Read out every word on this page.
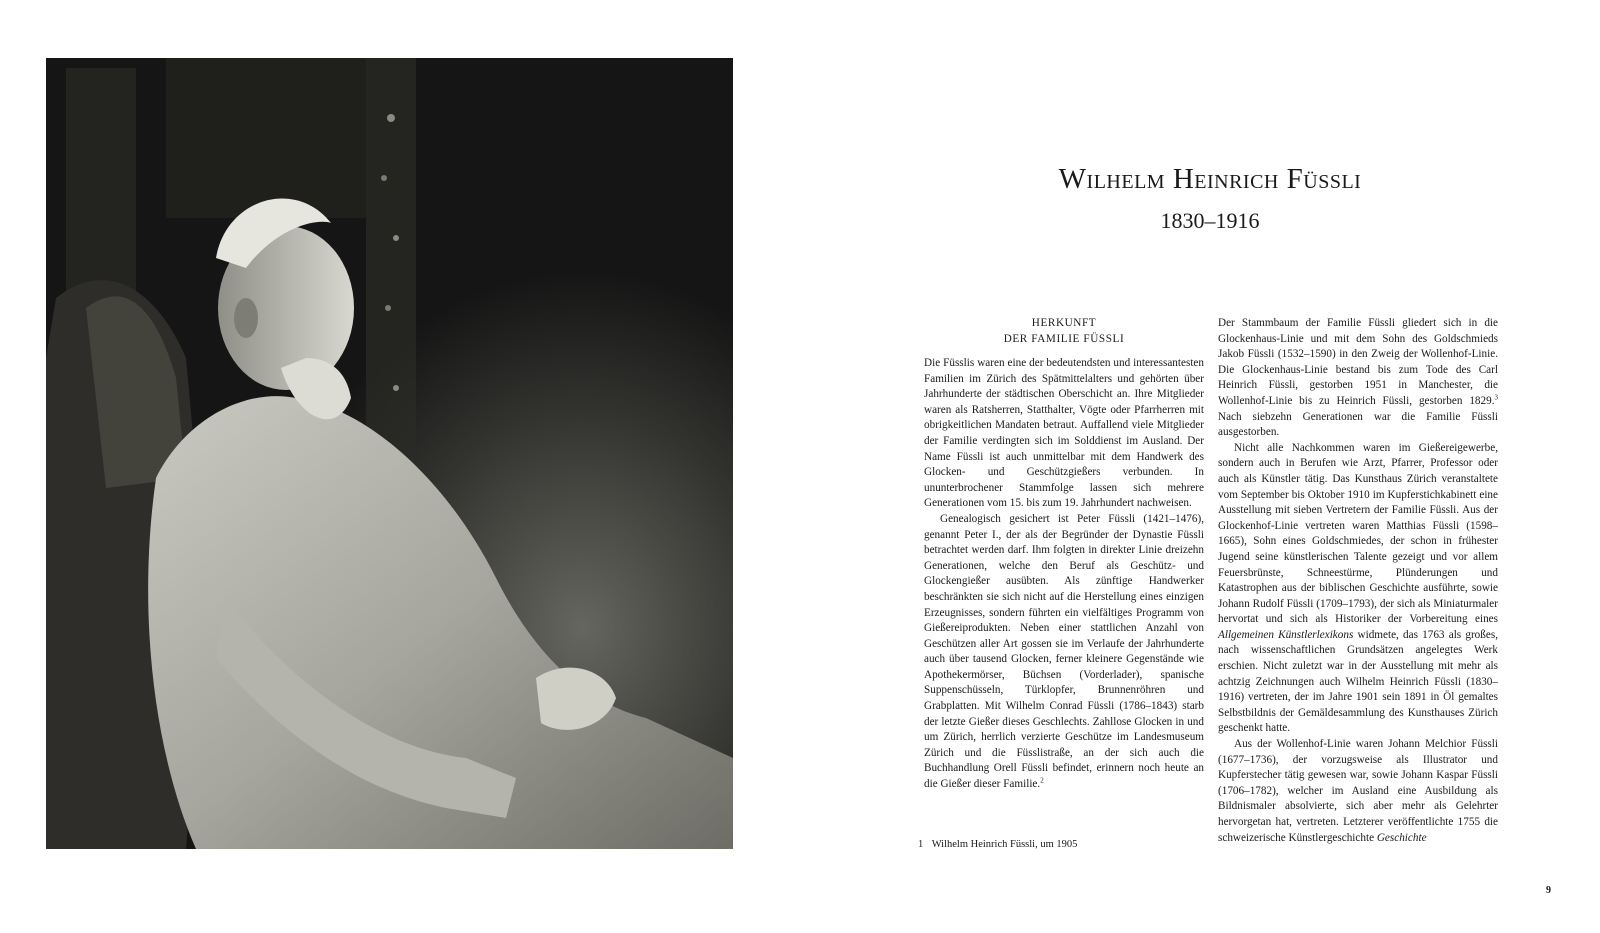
1 Wilhelm Heinrich Füssli, um 1905
Wilhelm Heinrich Füssli
1830–1916
HERKUNFT
DER FAMILIE FÜSSLI

Die Füsslis waren eine der bedeutendsten und interessantesten Familien im Zürich des Spätmittelalters und gehörten über Jahrhunderte der städtischen Oberschicht an. Ihre Mitglieder waren als Ratsherren, Statthalter, Vögte oder Pfarrherren mit obrigkeitlichen Mandaten betraut. Auffallend viele Mitglieder der Familie verdingten sich im Solddienst im Ausland. Der Name Füssli ist auch unmittelbar mit dem Handwerk des Glocken- und Geschützgießers verbunden. In ununterbrochener Stammfolge lassen sich mehrere Generationen vom 15. bis zum 19. Jahrhundert nachweisen.

Genealogisch gesichert ist Peter Füssli (1421–1476), genannt Peter I., der als der Begründer der Dynastie Füssli betrachtet werden darf. Ihm folgten in direkter Linie dreizehn Generationen, welche den Beruf als Geschütz- und Glockengießer ausübten. Als zünftige Handwerker beschränkten sie sich nicht auf die Herstellung eines einzigen Erzeugnisses, sondern führten ein vielfältiges Programm von Gießereiprodukten. Neben einer stattlichen Anzahl von Geschützen aller Art gossen sie im Verlaufe der Jahrhunderte auch über tausend Glocken, ferner kleinere Gegenstände wie Apothekermörser, Büchsen (Vorderlader), spanische Suppenschüsseln, Türklopfer, Brunnenröhren und Grabplatten. Mit Wilhelm Conrad Füssli (1786–1843) starb der letzte Gießer dieses Geschlechts. Zahllose Glocken in und um Zürich, herrlich verzierte Geschütze im Landesmuseum Zürich und die Füsslistraße, an der sich auch die Buchhandlung Orell Füssli befindet, erinnern noch heute an die Gießer dieser Familie.$^2$

Der Stammbaum der Familie Füssli gliedert sich in die Glockenhaus-Linie und mit dem Sohn des Goldschmieds Jakob Füssli (1532–1590) in den Zweig der Wollenhof-Linie. Die Glockenhaus-Linie bestand bis zum Tode des Carl Heinrich Füssli, gestorben 1951 in Manchester, die Wollenhof-Linie bis zu Heinrich Füssli, gestorben 1829.$^3$ Nach siebzehn Generationen war die Familie Füssli ausgestorben.

Nicht alle Nachkommen waren im Gießereigewerbe, sondern auch in Berufen wie Arzt, Pfarrer, Professor oder auch als Künstler tätig. Das Kunsthaus Zürich veranstaltete vom September bis Oktober 1910 im Kupferstichkabinett eine Ausstellung mit sieben Vertretern der Familie Füssli. Aus der Glockenhof-Linie vertreten waren Matthias Füssli (1598–1665), Sohn eines Goldschmiedes, der schon in frühester Jugend seine künstlerischen Talente gezeigt und vor allem Feuersbrünste, Schneestürme, Plünderungen und Katastrophen aus der biblischen Geschichte ausführte, sowie Johann Rudolf Füssli (1709–1793), der sich als Miniaturmaler hervortat und sich als Historiker der Vorbereitung eines Allgemeinen Künstlerlexikons widmete, das 1763 als großes, nach wissenschaftlichen Grundsätzen angelegtes Werk erschien. Nicht zuletzt war in der Ausstellung mit mehr als achtzig Zeichnungen auch Wilhelm Heinrich Füssli (1830–1916) vertreten, der im Jahre 1901 sein 1891 in Öl gemaltes Selbstbildnis der Gemäldesammlung des Kunsthauses Zürich geschenkt hatte.

Aus der Wollenhof-Linie waren Johann Melchior Füssli (1677–1736), der vorzugsweise als Illustrator und Kupferstecher tätig gewesen war, sowie Johann Kaspar Füssli (1706–1782), welcher im Ausland eine Ausbildung als Bildnismaler absolvierte, sich aber mehr als Gelehrter hervorgetan hat, vertreten. Letzterer veröffentlichte 1755 die schweizerische Künstlergeschichte Geschichte

9
